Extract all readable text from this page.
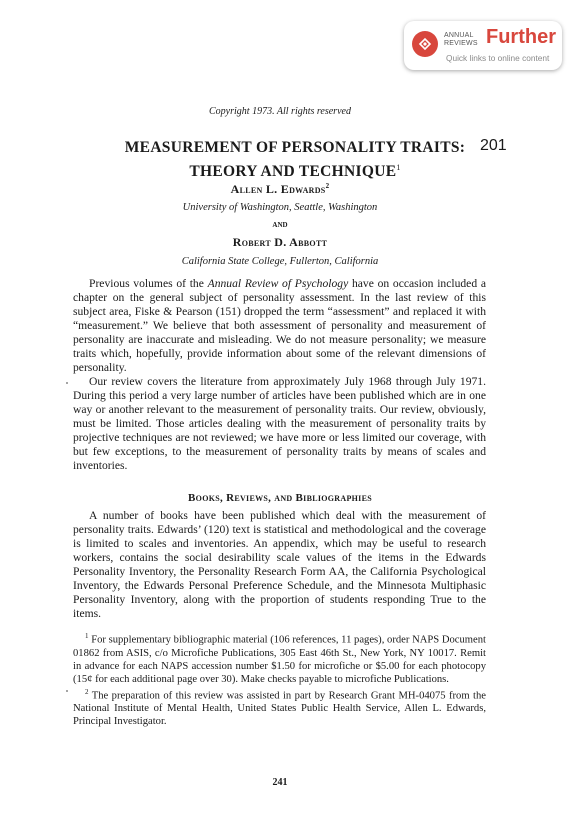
ANNUAL
REVIEWS Further
Quick links to online content
Copyright 1973. All rights reserved
201
MEASUREMENT OF PERSONALITY TRAITS:
THEORY AND TECHNIQUE$^1$
Allen L. Edwards$^2$
University of Washington, Seattle, Washington
and
Robert D. Abbott
California State College, Fullerton, California

Previous volumes of the Annual Review of Psychology have on occasion included a chapter on the general subject of personality assessment. In the last review of this subject area, Fiske & Pearson (151) dropped the term “assessment” and replaced it with “measurement.” We believe that both assessment of personality and measurement of personality are inaccurate and misleading. We do not measure personality; we measure traits which, hopefully, provide information about some of the relevant dimensions of personality.

Our review covers the literature from approximately July 1968 through July 1971. During this period a very large number of articles have been published which are in one way or another relevant to the measurement of personality traits. Our review, obviously, must be limited. Those articles dealing with the measurement of personality traits by projective techniques are not reviewed; we have more or less limited our coverage, with but few exceptions, to the measurement of personality traits by means of scales and inventories.

Books, Reviews, and Bibliographies

A number of books have been published which deal with the measurement of personality traits. Edwards’ (120) text is statistical and methodological and the coverage is limited to scales and inventories. An appendix, which may be useful to research workers, contains the social desirability scale values of the items in the Edwards Personality Inventory, the Personality Research Form AA, the California Psychological Inventory, the Edwards Personal Preference Schedule, and the Minnesota Multiphasic Personality Inventory, along with the proportion of students responding True to the items.

$^1$ For supplementary bibliographic material (106 references, 11 pages), order NAPS Document 01862 from ASIS, c/o Microfiche Publications, 305 East 46th St., New York, NY 10017. Remit in advance for each NAPS accession number $1.50 for microfiche or $5.00 for each photocopy (15¢ for each additional page over 30). Make checks payable to microfiche Publications.

$^2$ The preparation of this review was assisted in part by Research Grant MH-04075 from the National Institute of Mental Health, United States Public Health Service, Allen L. Edwards, Principal Investigator.

241
